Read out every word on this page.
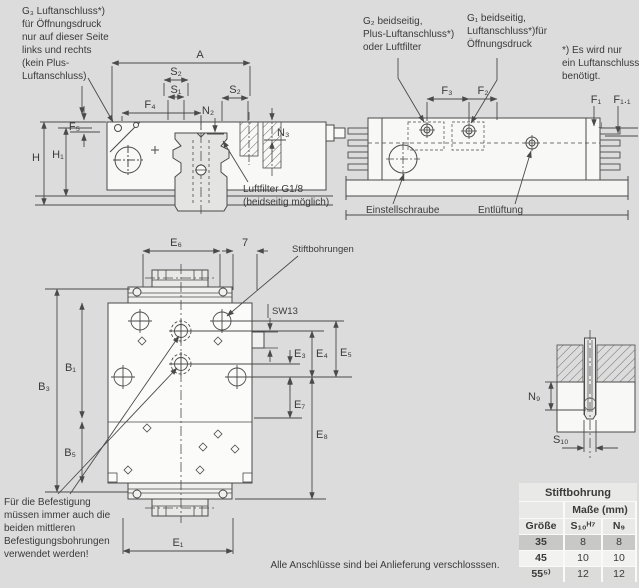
A
S₂
S₁
F₄
S₂
N₂
N₃
F₅
H H₁
F₃ F₂
F₁ F₁.₁
⊥
E₆	7
Stiftbohrungen
SW13
E₃ E₄ E₅
E₇
E₈
B₁
B₃
B₅
E₁
N₉
S₁₀
G₃ Luftanschluss*)
für Öffnungsdruck
nur auf dieser Seite
links und rechts
(kein Plus-
Luftanschluss)
G₂ beidseitig,
Plus-Luftanschluss*)
oder Luftfilter
G₁ beidseitig,
Luftanschluss*)für
Öffnungsdruck
*) Es wird nur
ein Luftanschluss
benötigt.
Luftfilter G1/8
(beidseitig möglich)
Einstellschraube	Entlüftung
Für die Befestigung
müssen immer auch die
beiden mittleren
Befestigungsbohrungen
verwendet werden!
Alle Anschlüsse sind bei Anlieferung verschlosssen.
Stiftbohrung
Maße (mm)
Größe	S₁₀ᴴ⁷	N₉
35	8	8
45	10	10
55⁵⁾	12	12
